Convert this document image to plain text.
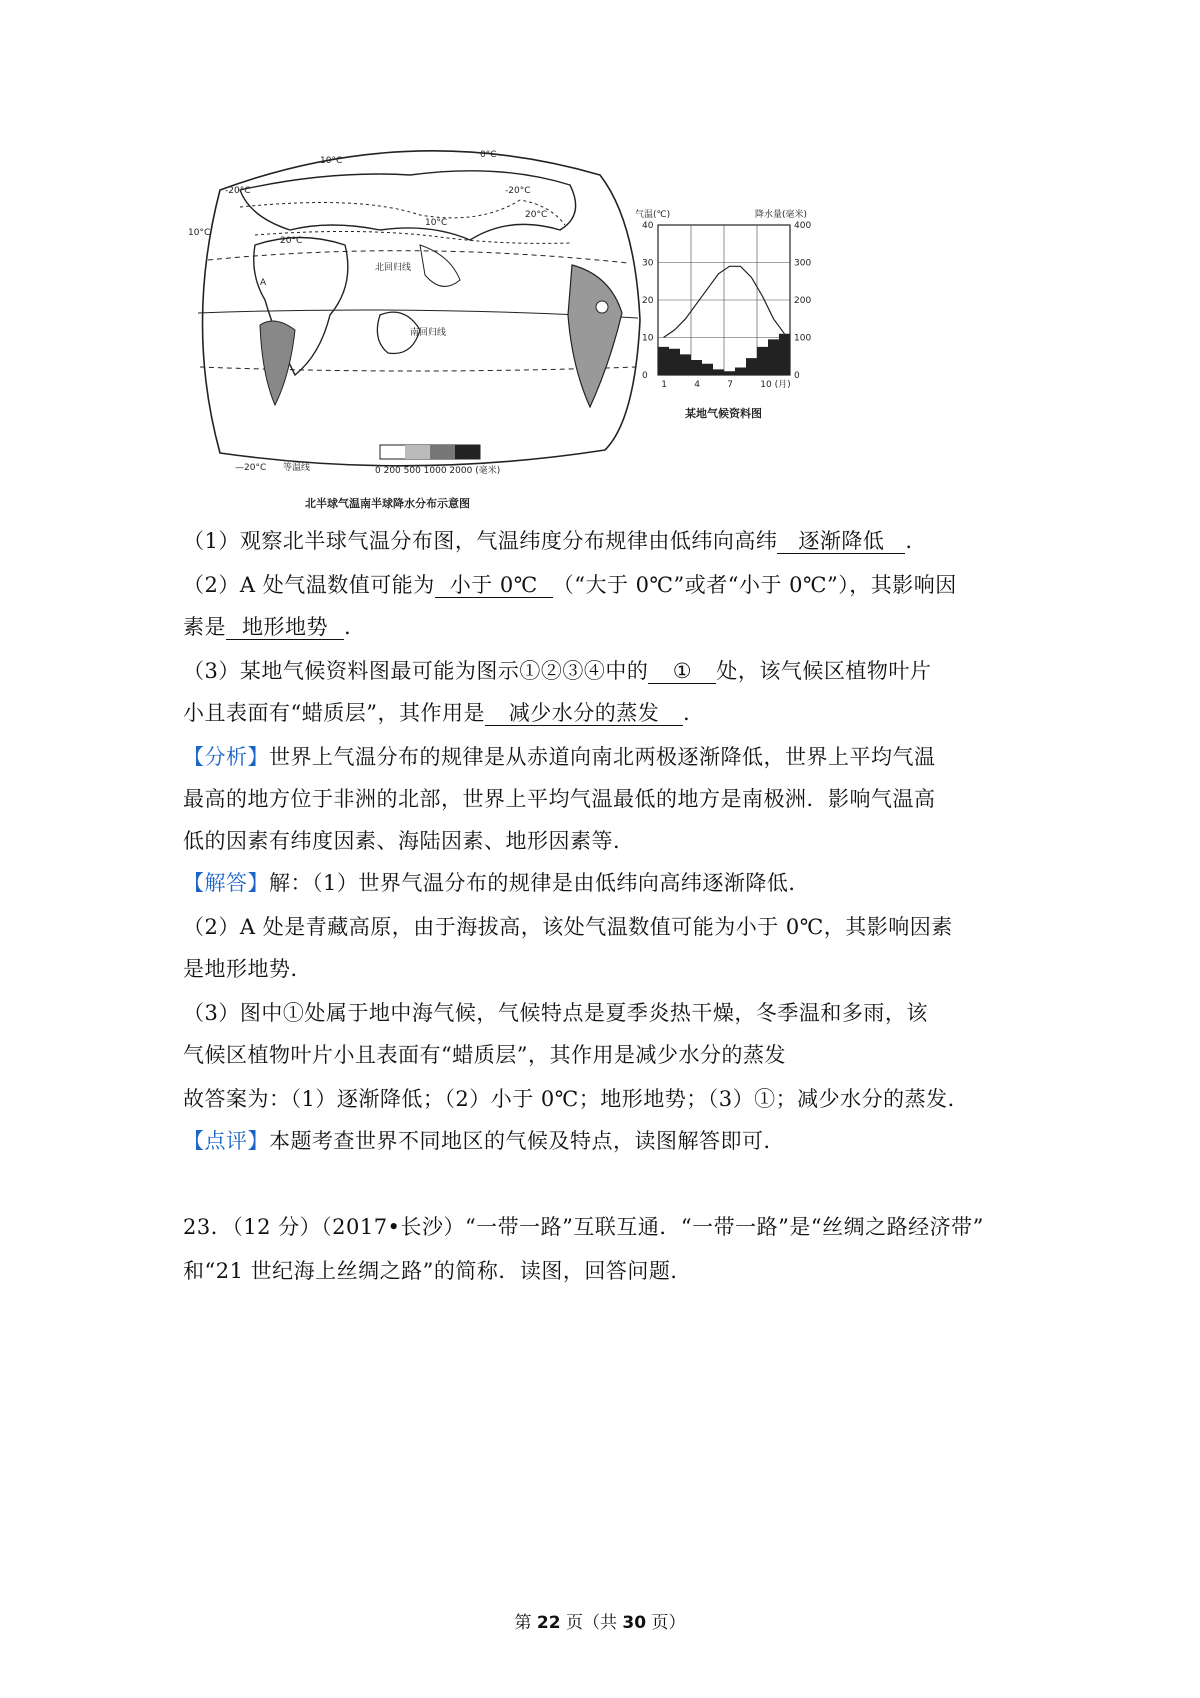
10°C
0°C
-20°C	-20°C
10°C
20°C
10°C
20°C
北回归线
南回归线
A
—20°C 等温线	0 200 500 1000 2000 (毫米)
北半球气温南半球降水分布示意图
气温(℃)	降水量(毫米)
40
30
20
10
0
400
300
200
100
0
1	4	7	10 (月)
某地气候资料图
（1）观察北半球气温分布图，气温纬度分布规律由低纬向高纬 逐渐降低 .
（2）A 处气温数值可能为 小于 0℃ （“大于 0℃”或者“小于 0℃”），其影响因
素是 地形地势 .
（3）某地气候资料图最可能为图示①②③④中的 ① 处，该气候区植物叶片
小且表面有“蜡质层”，其作用是 减少水分的蒸发 .
【分析】世界上气温分布的规律是从赤道向南北两极逐渐降低，世界上平均气温
最高的地方位于非洲的北部，世界上平均气温最低的地方是南极洲．影响气温高
低的因素有纬度因素、海陆因素、地形因素等．
【解答】解：（1）世界气温分布的规律是由低纬向高纬逐渐降低．
（2）A 处是青藏高原，由于海拔高，该处气温数值可能为小于 0℃，其影响因素
是地形地势．
（3）图中①处属于地中海气候，气候特点是夏季炎热干燥，冬季温和多雨，该
气候区植物叶片小且表面有“蜡质层”，其作用是减少水分的蒸发
故答案为：（1）逐渐降低；（2）小于 0℃；地形地势；（3）①；减少水分的蒸发．
【点评】本题考查世界不同地区的气候及特点，读图解答即可．
23．（12 分）（2017•长沙）“一带一路”互联互通．“一带一路”是“丝绸之路经济带”
和“21 世纪海上丝绸之路”的简称．读图，回答问题．
第 22 页（共 30 页）
